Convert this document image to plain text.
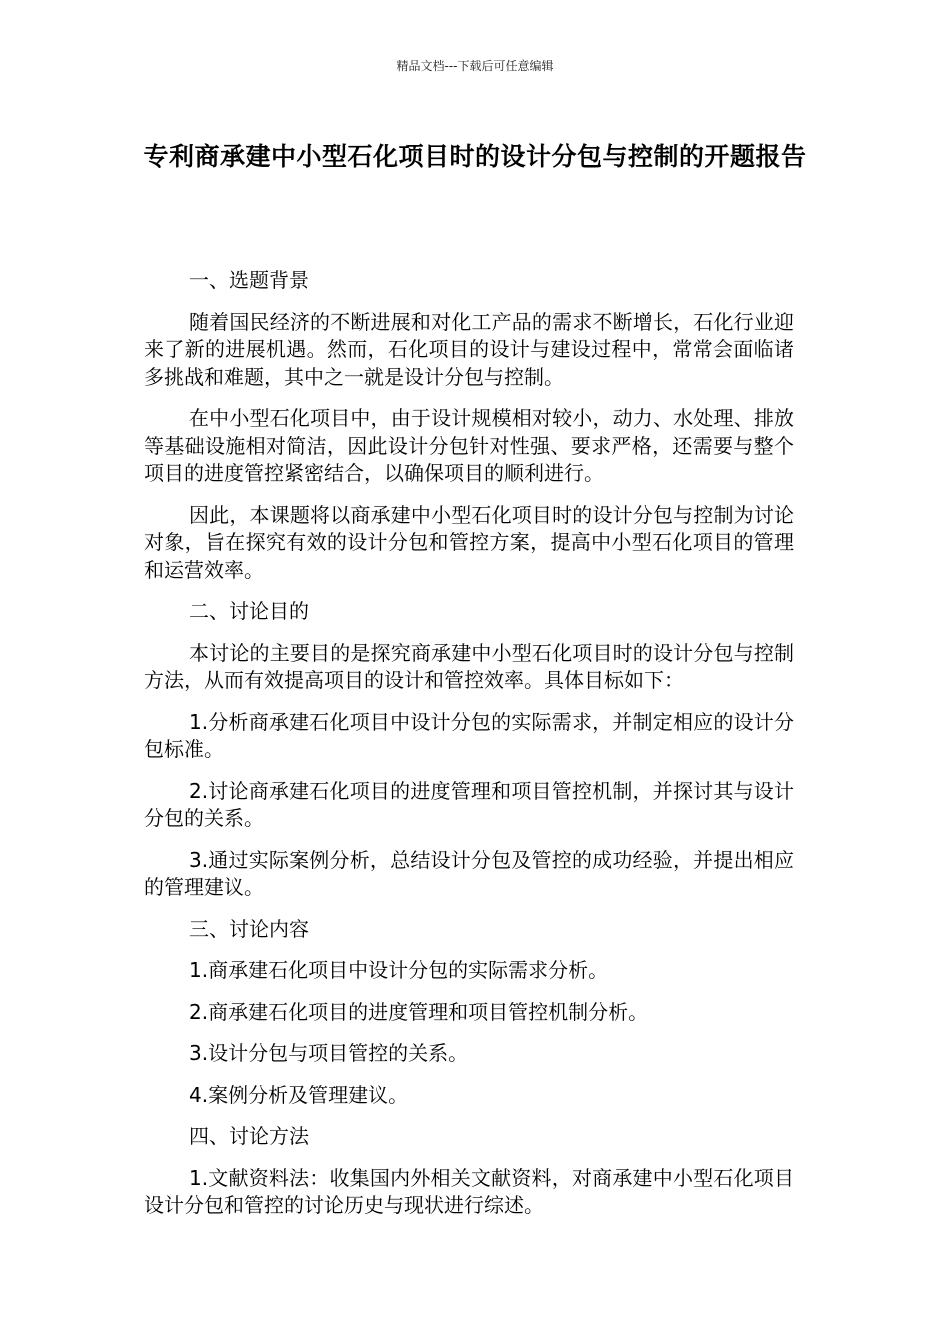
精品文档---下载后可任意编辑
专利商承建中小型石化项目时的设计分包与控制的开题报告

一、选题背景

随着国民经济的不断进展和对化工产品的需求不断增长，石化行业迎来了新的进展机遇。然而，石化项目的设计与建设过程中，常常会面临诸多挑战和难题，其中之一就是设计分包与控制。

在中小型石化项目中，由于设计规模相对较小，动力、水处理、排放等基础设施相对简洁，因此设计分包针对性强、要求严格，还需要与整个项目的进度管控紧密结合，以确保项目的顺利进行。

因此，本课题将以商承建中小型石化项目时的设计分包与控制为讨论对象，旨在探究有效的设计分包和管控方案，提高中小型石化项目的管理和运营效率。

二、讨论目的

本讨论的主要目的是探究商承建中小型石化项目时的设计分包与控制方法，从而有效提高项目的设计和管控效率。具体目标如下：

1.分析商承建石化项目中设计分包的实际需求，并制定相应的设计分包标准。

2.讨论商承建石化项目的进度管理和项目管控机制，并探讨其与设计分包的关系。

3.通过实际案例分析，总结设计分包及管控的成功经验，并提出相应的管理建议。

三、讨论内容

1.商承建石化项目中设计分包的实际需求分析。

2.商承建石化项目的进度管理和项目管控机制分析。

3.设计分包与项目管控的关系。

4.案例分析及管理建议。

四、讨论方法

1.文献资料法：收集国内外相关文献资料，对商承建中小型石化项目设计分包和管控的讨论历史与现状进行综述。
